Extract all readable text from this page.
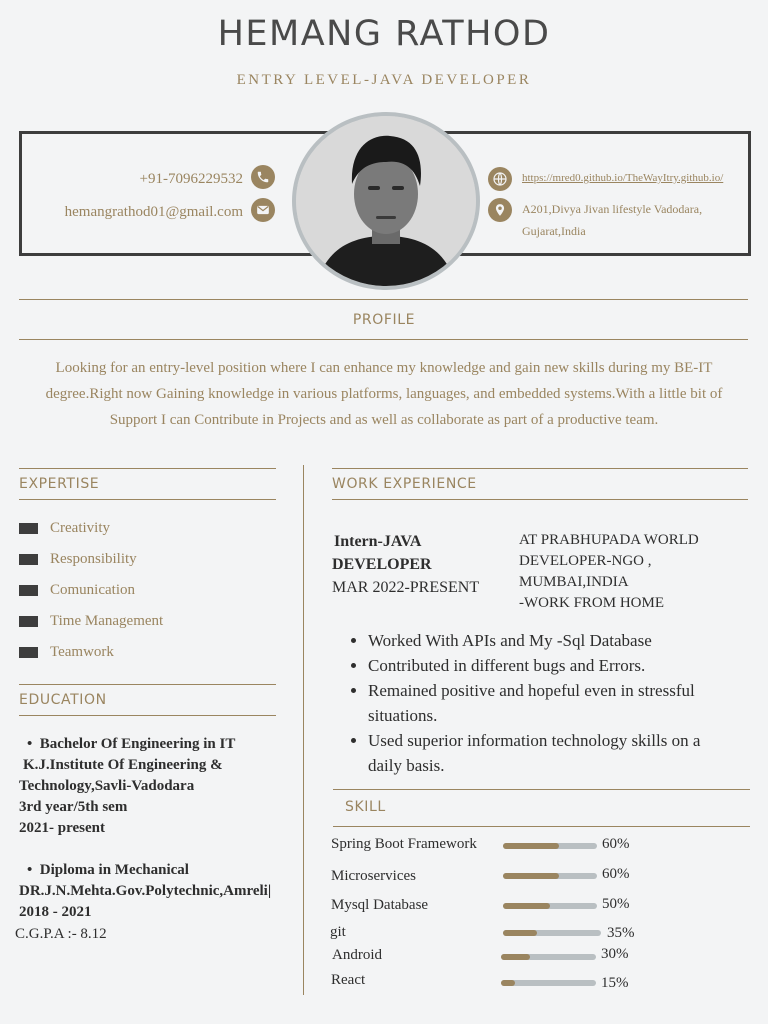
HEMANG RATHOD
ENTRY LEVEL-JAVA DEVELOPER
+91-7096229532
hemangrathod01@gmail.com
https://mred0.github.io/TheWayItry.github.io/
A201,Divya Jivan lifestyle Vadodara,
Gujarat,India
PROFILE
Looking for an entry-level position where I can enhance my knowledge and gain new skills during my BE-IT degree.Right now Gaining knowledge in various platforms, languages, and embedded systems.With a little bit of Support I can Contribute in Projects and as well as collaborate as part of a productive team.
EXPERTISE
Creativity
Responsibility
Comunication
Time Management
Teamwork
EDUCATION
•  Bachelor Of Engineering in IT
K.J.Institute Of Engineering &
Technology,Savli-Vadodara
3rd year/5th sem
2021- present
•  Diploma in Mechanical
DR.J.N.Mehta.Gov.Polytechnic,Amreli|
2018 - 2021
C.G.P.A :- 8.12
WORK EXPERIENCE
Intern-JAVA
DEVELOPER
MAR 2022-PRESENT
AT PRABHUPADA WORLD
DEVELOPER-NGO ,
MUMBAI,INDIA
-WORK FROM HOME
• Worked With APIs and My -Sql Database
• Contributed in different bugs and Errors.
• Remained positive and hopeful even in stressful situations.
• Used superior information technology skills on a daily basis.
SKILL
Spring Boot Framework	60%
Microservices	60%
Mysql Database	50%
git	35%
Android	30%
React	15%
